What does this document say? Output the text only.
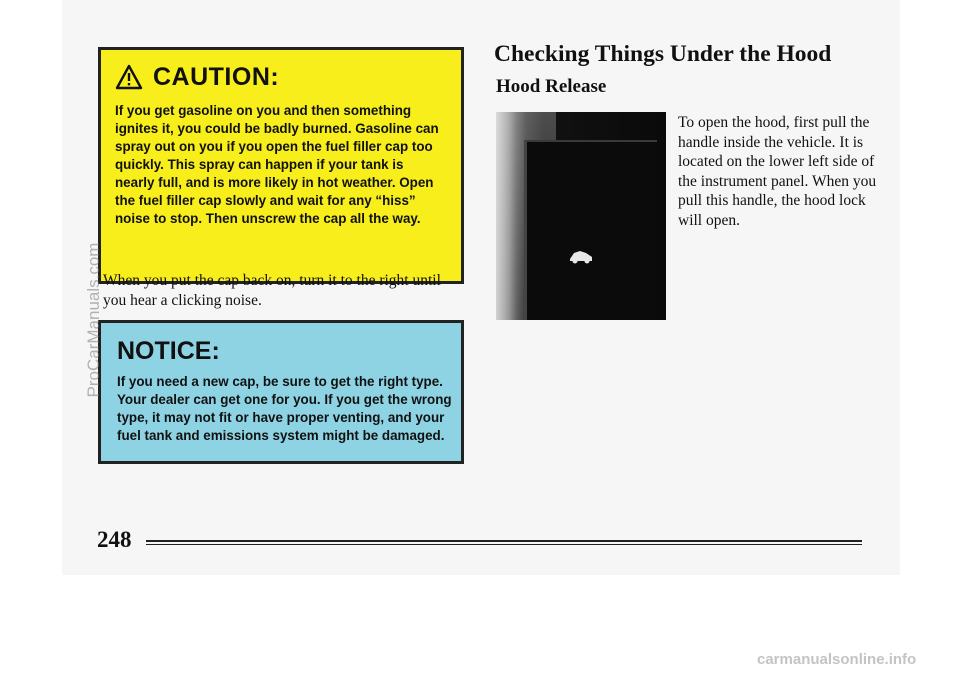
CAUTION:
If you get gasoline on you and then something ignites it, you could be badly burned. Gasoline can spray out on you if you open the fuel filler cap too quickly. This spray can happen if your tank is nearly full, and is more likely in hot weather. Open the fuel filler cap slowly and wait for any “hiss” noise to stop. Then unscrew the cap all the way.
When you put the cap back on, turn it to the right until you hear a clicking noise.
NOTICE:
If you need a new cap, be sure to get the right type. Your dealer can get one for you. If you get the wrong type, it may not fit or have proper venting, and your fuel tank and emissions system might be damaged.
Checking Things Under the Hood
Hood Release
To open the hood, first pull the handle inside the vehicle. It is located on the lower left side of the instrument panel. When you pull this handle, the hood lock will open.
248
ProCarManuals.com
carmanualsonline.info
